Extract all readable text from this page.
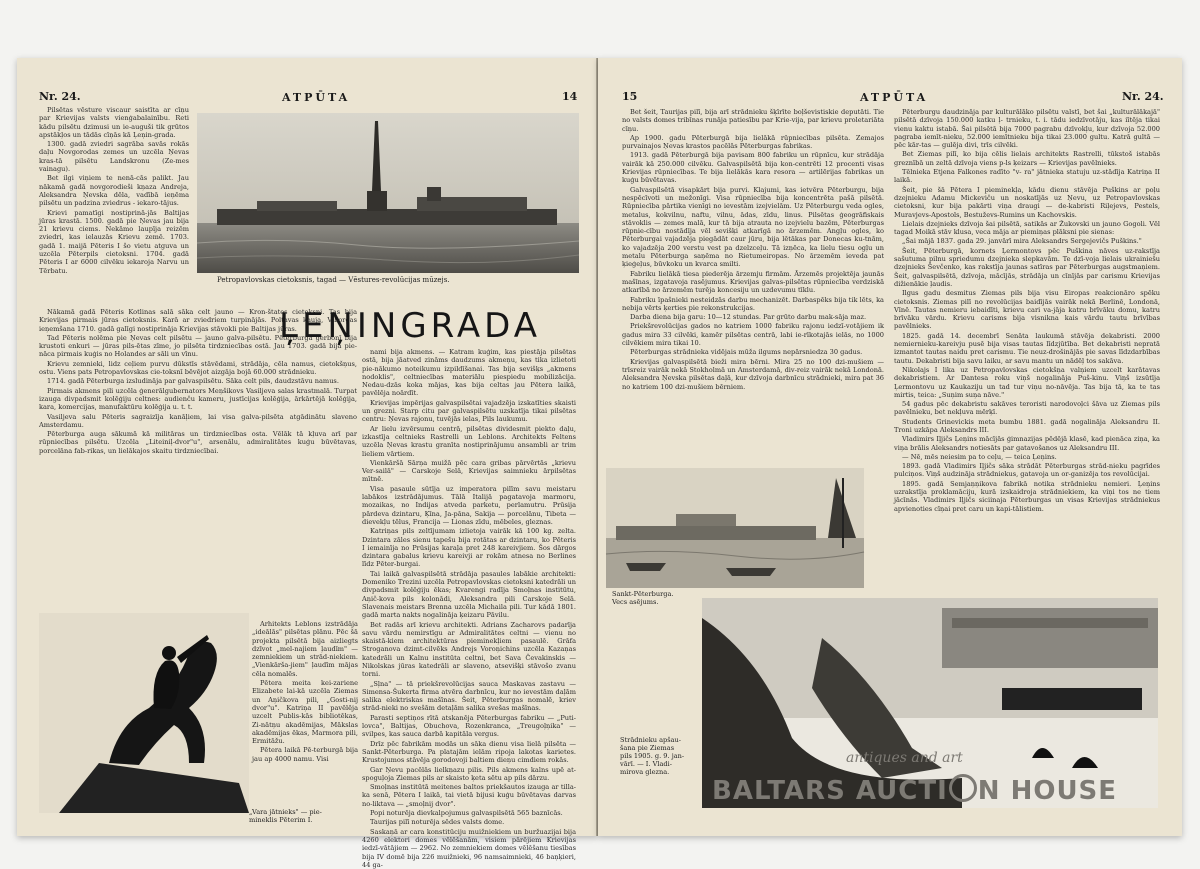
Nr. 24.	ATPŪTA	14

Pilsētas vēsture viscaur saistīta ar cīņu par Krievijas valsts vienģabalainību. Reti kādu pilsētu dzimusi un ie-auguši tik grūtos apstākļos un tādās cīņās kā Ļeņin-grada.

1300. gadā zviedri sagrāba savās rokās daļu Novgorodas zemes un uzcēla Ņevas kras-tā pilsētu Landskronu (Ze-mes vainagu).

Bet ilgi viņiem te nenā-cās palikt. Jau nākamā gadā novgorodieši kņaza Andreja, Aleksandra Ņevska dēla, vadībā ieņēma pilsētu un padzina zviedrus - iekaro-tājus.

Krievi pamatīgi nostiprinā-jās Baltijas jūras krastā. 1500. gadā pie Ņevas jau bija 21 krievu ciems. Nekāmo laupīja reizēm zviedri, kas ielauzās Krievu zemē. 1703. gadā 1. maijā Pēteris I šo vietu atguva un uzcēla Pēterpils cietoksni. 1704. gadā Pēteris I ar 6000 cilvēku iekaroja Narvu un Tērbatu.

Nākamā gadā Pēteris Kotlinas salā sāka celt jauno — Kron-štates cietoksni. Tas bija Krievijas pirmais jūras cietoksnis. Karā ar zviedriem turpinājās. Poltavas kauja, Viborgas ieņemšana 1710. gadā galīgi nostiprināja Krievijas stāvokli pie Baltijas jūras.

Tad Pēteris nolēma pie Ņevas celt pilsētu — jauno galva-pilsētu. Pēterburga gerbonī bija krustoti enkuri — jūras pils-ētas zīme, jo pilsēta tirdzniecības ostā. Jau 1703. gadā bija pie-nāca pirmais kuģis no Holandes ar sāli un vīnu.

Krievu zemnieki, lidz ceļiem purvu dūkstīs stāvēdami, strādāja, cēla namus, cietokšņus, ostu. Viens pats Petropavlovskas cie-toksnī bēvējot aizgāja bojā 60.000 strādnieku.

1714. gadā Pēterburga izsludināja par galvaspilsētu. Sāka celt pils, daudzstāvu namus.

Pirmais akmens pili uzcēla ģenerālgubernators Meņšikovs Vasiljeva salas krastmalā. Turpat izauga divpadsmit kolēģiju celtnes: audienču kameru, justīcijas kolēģija, ārkārtējā kolēģija, kara, komercijas, manufaktūru kolēģija u. t. t.

Vasiljeva salu Pēteris sagraizīja kanāļiem, lai visa galva-pilsēta atgādinātu slaveno Amsterdamu.

Pēterburga auga sākumā kā militāras un tirdzniecības osta. Vēlāk tā kļuva arī par rūpniecības pilsētu. Uzcēla „Liteiniļ-dvor"u", arsenālu, admiralitātes kuģu būvētavas, porcelāna fab-rikas, un lielākajos skaitu tirdzniecībai.

Petropavlovskas cietoksnis, tagad — Vēstures-revolūcijas mūzejs.
ĻEŅINGRADA

nami bija akmens. — Katram kuģim, kas piestāja pilsētas ostā, bija jāatved zināms daudzums akmeņu, kas tika izlietoti pie-nākumo noteikumu izpildīšanai. Tas bija sevišķs „akmens nodoklis", celtniecības materiālu piespiedu mobilizācija. Nedau-dzās koka mājas, kas bija celtas jau Pētera laikā, pavēlēja noārdīt.

Krievijas impērijas galvaspilsētai vajadzēja izskatīties skaisti un grezni. Starp citu par galvaspilsētu uzskatīja tikai pilsētas centru: Ņevas rajonu, tuvējās ielas, Pils laukumu.

Ar lielu izvērsumu centrā, pilsētas dividesmit piekto daļu, izkastīja celtnieks Rastrelli un Leblons. Architekts Feltens uzcēla Ņevas krastu granīta nostiprinājumu ansambli ar trim lieliem vārtiem.

Vienkāršā Sārņa muižā pēc cara gribas pārvērtās „krievu Ver-sailā" — Carskoje Selā, Krievijas saimnieku ārpilsētas mītnē.

Visa pasaule sūtīja uz imperatora pilīm savu meistaru labākos izstrādājumus. Tālā Italijā pagatavoja marmoru, mozaikas, no Indijas atveda parketu, perlamutru. Prūsija pārdeva dzintaru, Ķīna, Ja-pāna, Sakija — porcelānu, Tibeta — dievekļu tēlus, Francija — Lionas zīdu, mēbeles, gleznas.

Katriņas pils zeltījumam izlietoja vairāk kā 100 kg. zelta. Dzintara zāles sienu tapešu bija rotātas ar dzintaru, ko Pēteris I iemainīja no Prūsijas karaļa pret 248 kareivjiem. Šos dārgos dzintara gabalus krievu kareivji ar rokām atnesa no Berlines līdz Pēter-burgai.

Tai laikā galvaspilsētā strādāja pasaules labākie architekti: Domeniko Trezini uzcēla Petropavlovskas cietoksni katedrāli un divpadsmit kolēģiju ēkas; Kvarengi radīja Smoļnas institūtu, Aņič-kova pils kolonādi, Aleksandra pili Carskoje Selā. Slavenais meistars Brenna uzcēla Michaila pili. Tur kādā 1801. gadā marta nakts nogalināja ķeizaru Pāvilu.

Bet radās arī krievu architekti. Adrians Zacharovs padarīja savu vārdu nemirstīgu ar Admiralitātes celtni — vienu no skaistā-kiem architektūras pieminekļiem pasaulē. Grāfa Stroganova dzimt-cilvēks Andrejs Voroņichins uzcēla Kazaņas katedrāli un Kalnu institūta celtni, bet Sava Čevakinskis — Nikolskas jūras katedrāli ar slaveno, atsevišķi stāvošo zvanu torni.

„Sļna" — tā priekšrevolūcijas sauca Maskavas zastavu — Simensa-Šukerta firma atvēra darbnīcu, kur no ievestām daļām salika elektriskas mašīnas. Šeit, Pēterburgas nomalē, kriev strād-nieki no svešām detaļām salika svešas mašīnas.

Parasti septiņos rītā atskanēja Pēterburgas fabriku — „Puti-lovca", Baltijas, Obuchova, Rozenkranca, „Treugoļņika" — svilpes, kas sauca darbā kapitāla vergus.

Drīz pēc fabrikām modās un sāka dienu visa lielā pilsēta — Sankt-Pēterburga. Pa platajām ielām ripoja lakotas karietes. Krustojumos stāvēja gorodovoji baltiem dieņu cimdiem rokās.

Gar Ņevu pacēlās lielkņazu pilis. Pils akmens kalns upē at-spoguļoja Ziemas pils ar skaisto ķeta sētu ap pils dārzu.

Smoļnas institūtā meitenes baltos priekšautos izauga ar tilla-ka senā, Pētera I laikā, tai vietā bijusi kuģu būvētavas darvas no-liktava — „smoļnij dvor".

Popi noturēja dievkalpojumus galvaspilsētā 565 baznīcās.

Taurijas pilī noturēja sēdes valsts dome.

Saskaņā ar cara konstitūciju muižniekiem un buržuazijai bija 4260 elektori domes vēlēšanām, visiem pārējiem Krievijas iedzī-vātājiem — 2962. No zemniekiem domes vēlēšanu tiesības bija IV domē bija 226 muižnieki, 96 namsaimnieki, 46 baņķieri, 44 ga-

Arhitekts Leblons izstrādāja „ideālās" pilsētas plānu. Pēc šā projekta pilsētā bija aizliegts dzīvot „mel-najiem ļaudīm" — zemniekiem un strād-niekiem. „Vienkārša-jiem" ļaudīm mājas cēla nomalēs.

Pētera meita kei-zariene Elizabete lai-kā uzcēla Ziemas un Aņičkova pili, „Gosti-nij dvor"u". Katriņa II pavēlēja uzcelt Publis-kās bibliotēkas, Zi-nātņu akadēmijas, Mākslas akadēmijas ēkas, Marmora pili, Ermitāžu.

Pētera laikā Pē-terburgā bija jau ap 4000 namu. Visi

„Vara jātnieks" — pie-
mineklis Pēterim I.
15	ATPŪTA	Nr. 24.

Bet šeit, Taurijas pilī, bija arī strādnieku šķīrīte boļševistiskie deputāti. Tie no valsts domes tribīnas runāja patiesību par Krie-vija, par krievu proletariāta cīņu.

Ap 1900. gadu Pēterburgā bija lielākā rūpniecības pilsēta. Zemajos purvainajos Ņevas krastos pacēlās Pēterburgas fabrikas.

1913. gadā Pēterburgā bija pavisam 800 fabriku un rūpnīcu, kur strādāja vairāk kā 250.000 cilvēku. Galvaspilsētā bija kon-centrēti 12 procenti visas Krievijas rūpniecības. Te bija lielākās kara resora — artilērijas fabrikas un kuģu būvētavas.

Galvaspilsētā visapkārt bija purvi. Klajumi, kas ietvēra Pēterburgu, bija nespēcīvoti un mežonīgi. Visa rūpniecība bija koncentrēta pašā pilsētā. Rūpniecība pārtika vienīgi no ievestām izejvielām. Uz Pēterburgu veda ogles, metalus, kokvilnu, naftu, vilnu, ādas, zīdu, linus. Pilsētas ģeogrāfiskais stāvoklis — zemes malā, kur tā bija atrauta no izejvielu bazēm, Pēterburgas rūpnie-cību nostādīja vēl sevišķi atkarīgā no ārzemēm. Angļu ogles, ko Pēterburgai vajadzēja piegādāt caur jūru, bija lētākas par Donecas ku-tnām, ko vajadzēja 200 verstu vest pa dzelzceļu. Tā izņēca, ka lielu tiesu ogļu un metalu Pēterburga saņēma no Rietumeiropas. No ārzemēm ieveda pat ķieģeļus, būvkoku un kvarca smilti.

Fabriku lielākā tiesa piederēja ārzemju firmām. Ārzemēs projektēja jaunās mašīnas, izgatavoja rasējumus. Krievijas galvas-pilsētas rūpniecība verdziskā atkarībā no ārzemēm turēja koncesiju un uzdevumu tīklu.

Fabriku īpašnieki nesteidzās darbu mechanizēt. Darbaspēks bija tik lēts, ka nebija vērts ķerties pie rekonstrukcijas.

Darba diena bija garu: 10—12 stundas. Par grūto darbu mak-sāja maz.

Priekšrevolūcijas gados no katriem 1000 fabriku rajonu iedzī-votājiem ik gadus mira 33 cilvēki, kamēr pilsētas centrā, labi ie-rīkotajās ielās, no 1000 cilvēkiem mira tikai 10.

Pēterburgas strādnieka vidējais mūža ilgums nepārsniedza 30 gadus.

Krievijas galvaspilsētā bieži mira bērni. Mira 25 no 100 dzi-mušiem — trīsreiz vairāk nekā Stokholmā un Amsterdamā, div-reiz vairāk nekā Londonā. Aleksandra Ņevska pilsētas daļā, kur dzīvoja darbnīcu strādnieki, mira pat 36 no katriem 100 dzi-mušiem bērniem.

Pēterburgu daudzināja par kulturālāko pilsētu valstī, bet šai „kulturālākajā" pilsētā dzīvoja 150.000 katku ļ- trnieku, t. i. tādu iedzīvotāju, kas iītēja tikai vienu kaktu istabā. Šai pilsētā bija 7000 pagrabu dzīvokļu, kur dzīvoja 52.000 pagraba iemīt-nieku, 52.000 iemītnieku bija tikai 23.000 gultu. Katrā gultā — pēc kār-tas — gulēja divi, trīs cilvēki.

Bet Ziemas pilī, ko bija cēlis lielais architekts Rastrelli, tūkstoš istabās greznībā un zeltā dzīvoja viens p-ls ķeizars — Krievijas pavēlnieks.

Tēlnieka Etjena Falkones radīto "v- ra" jātnieka statuju uz-stādīja Katriņa II laikā.

Šeit, pie šā Pētera I pieminekļa, kādu dienu stāvēja Puškins ar poļu dzejnieku Adamu Mickeviču un noskatījās uz Ņevu, uz Petropavlovskas cietoksni, kur bija pakārti viņa draugi — de-kabristi Riļejevs, Pestels, Muravjevs-Apostols, Bestuževs-Rumins un Kachovskis.

Lielais dzejnieks dzīvoja šai pilsētā, satikās ar Žukovski un jauno Gogoli. Vēl tagad Moikā stāv klusa, veca māja ar piemiņas plāksni pie sienas:

„Šai mājā 1837. gada 29. janvārī mira Aleksandrs Sergejevičs Puškins."

Šeit, Pēterburgā, kornets Ļermontovs pēc Puškina nāves uz-rakstīja sašutuma pilnu spriedumu dzejnieka slepkavām. Te dzī-voja lielais ukrainiešu dzejnieks Ševčenko, kas rakstīja jaunas satīras par Pēterburgas augstmaņiem. Šeit, galvaspilsētā, dzīvoja, mācījās, strādāja un cīnījās par carismu Krievijas dižienākie ļaudis.

Ilgus gadu desmitus Ziemas pils bija visu Eiropas reakcionāro spēku cietoksnis. Ziemas pilī no revolūcijas baidījās vairāk nekā Berlinē, Londonā, Vīnē. Tautas nemieru iebaidīti, krievu cari va-jāja katru brīvāku domu, katru brīvāku vārdu. Krievu carisms bija visnikna kais vārdu tautu brīvības pavēlnieks.

1825. gadā 14. decembrī Senāta laukumā stāvēja dekabristi. 2000 nemiernieku-kareivju pusē bija visas tautas līdzjūtība. Bet dekabristi nepratā izmantot tautas naidu pret carismu. Tie neuz-drošinājās pie savas līdzdarbības tautu. Dekabristi bija savu laiku, ar savu mantu un nādēļ tos sakāva.

Nikolajs I lika uz Petropavlovskas cietokšņa valņiem uzcelt karātavas dekabristiem. Ar Dantesa roku viņš nogalināja Puš-kinu. Viņš izsūtīja Ļermontovu uz Kaukaziju un tad tur viņu no-nāvēja. Tas bija tā, ka te tas mirtis, teica: „Suņim suņa nāve."

54 gadus pēc dekabristu sakāves teroristi narodovoļci šāva uz Ziemas pils pavēlnieku, bet nekļuva mērķī.

Students Grinevickis meta bumbu 1881. gadā nogalināja Aleksandru II. Troni uzkāpa Aleksandrs III.

Vladimirs Iļjičs Ļeņins mācījās ģimnazijas pēdējā klasē, kad pienāca ziņa, ka viņa brālis Aleksandrs notiesāts par gatavošanos uz Aleksandru III.

— Nē, mēs neiesim pa to ceļu, — teica Ļeņins.

1893. gadā Vladimirs Iļjičs sāka strādāt Pēterburgas strād-nieku pagrīdes pulciņos. Viņš audzināja strādniekus, gatavoja un or-ganizēja tos revolūcijai.

1895. gadā Semjaņņikova fabrikā notika strādnieku nemieri. Ļeņins uzrakstīja proklamāciju, kurā izskaidroja strādniekiem, ka viņi tos ne tiem jācīnās. Vladimirs Iļjičs siciinaja Pēterburgas un visas Krievijas strādniekus apvienoties cīņai pret caru un kapi-tālistiem.

Sankt-Pēterburga.
Vecs asējums.
Strādnieku apšau-
šana pie Ziemas
pils 1905. g. 9. jan-
vārī. — I. Vladi-
mirova glezna.
antiques and art
BALTARS AUCTI N HOUSE
